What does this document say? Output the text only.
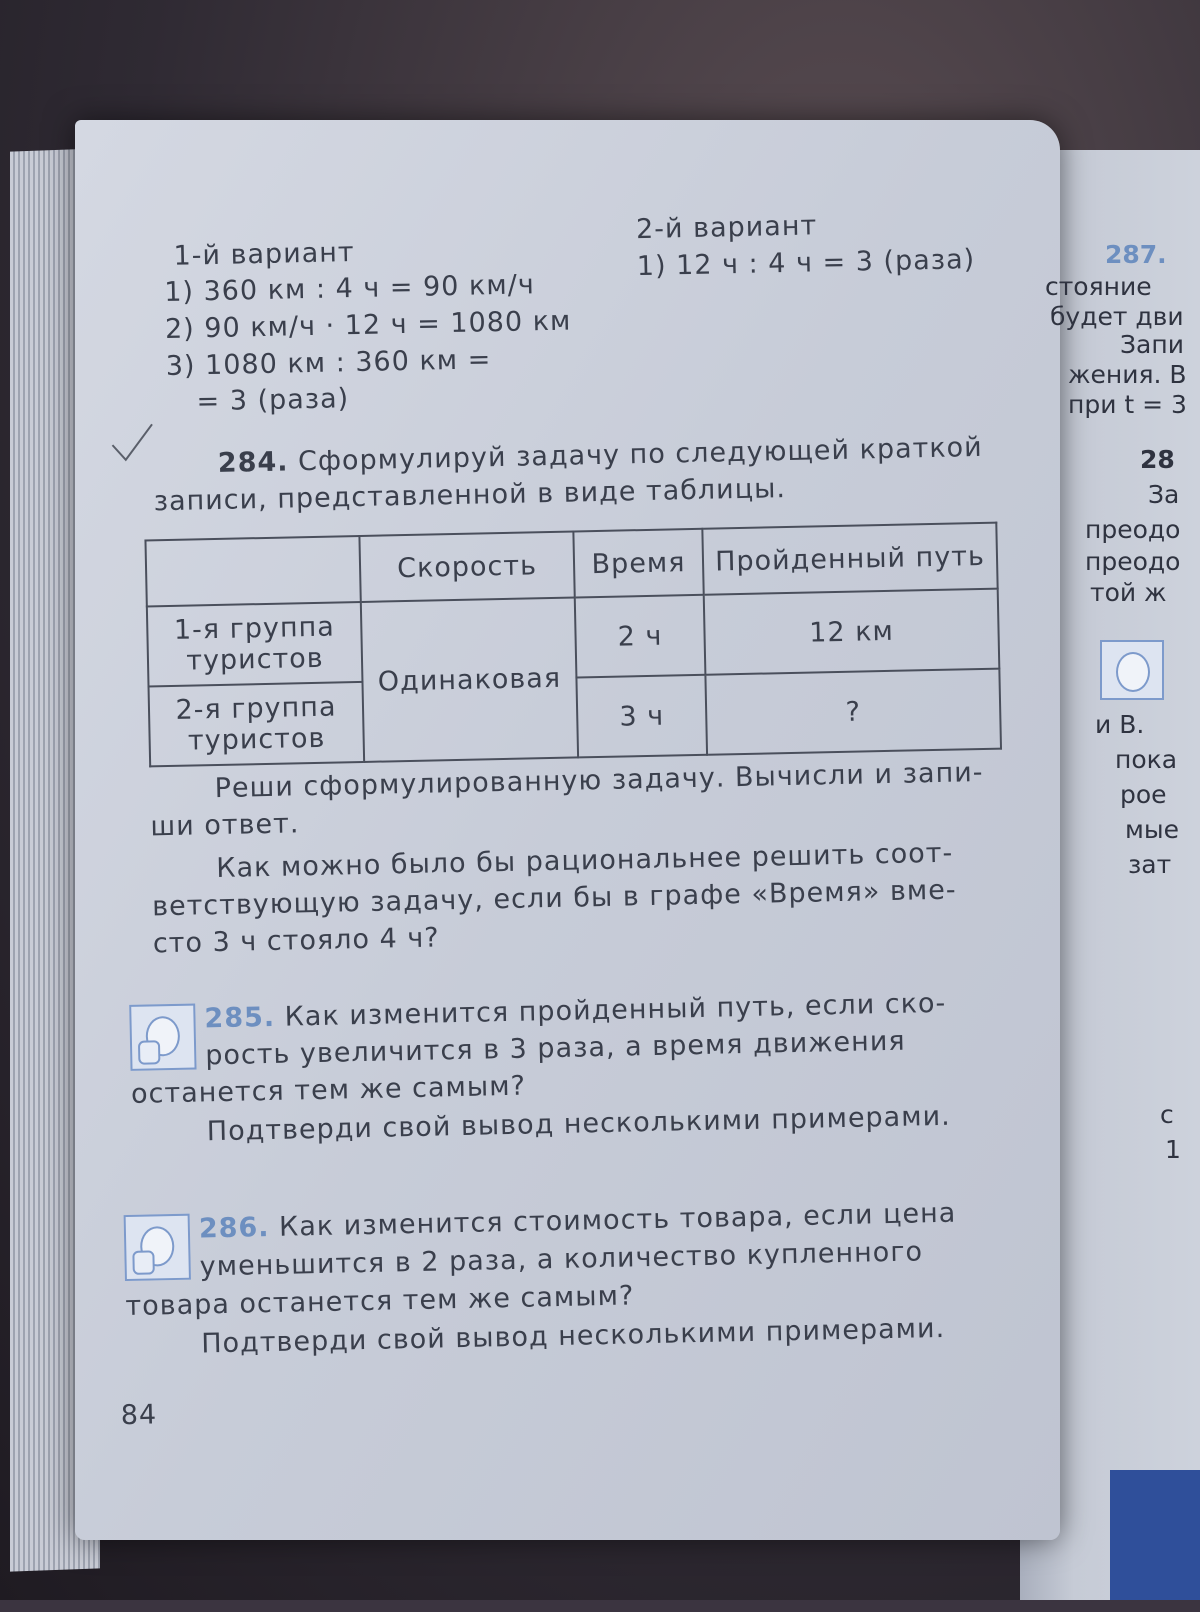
1-й вариант
1) 360 км : 4 ч = 90 км/ч
2) 90 км/ч · 12 ч = 1080 км
3) 1080 км : 360 км =
= 3 (раза)
2-й вариант
1) 12 ч : 4 ч = 3 (раза)
284. Сформулируй задачу по следующей краткой
записи, представленной в виде таблицы.
	Скорость	Время	Пройденный путь
1-я группа туристов	Одинаковая	2 ч	12 км
2-я группа туристов		3 ч	?
Реши сформулированную задачу. Вычисли и запи-
ши ответ.
Как можно было бы рациональнее решить соот-
ветствующую задачу, если бы в графе «Время» вме-
сто 3 ч стояло 4 ч?
285. Как изменится пройденный путь, если ско-
рость увеличится в 3 раза, а время движения
останется тем же самым?
Подтверди свой вывод несколькими примерами.
286. Как изменится стоимость товара, если цена
уменьшится в 2 раза, а количество купленного
товара останется тем же самым?
Подтверди свой вывод несколькими примерами.
84
287.
стояние
будет дви
Запи
жения. В
при t = 3
28
За
преодо
преодо
той ж
и В.
пока
рое
мые
зат
с
1
